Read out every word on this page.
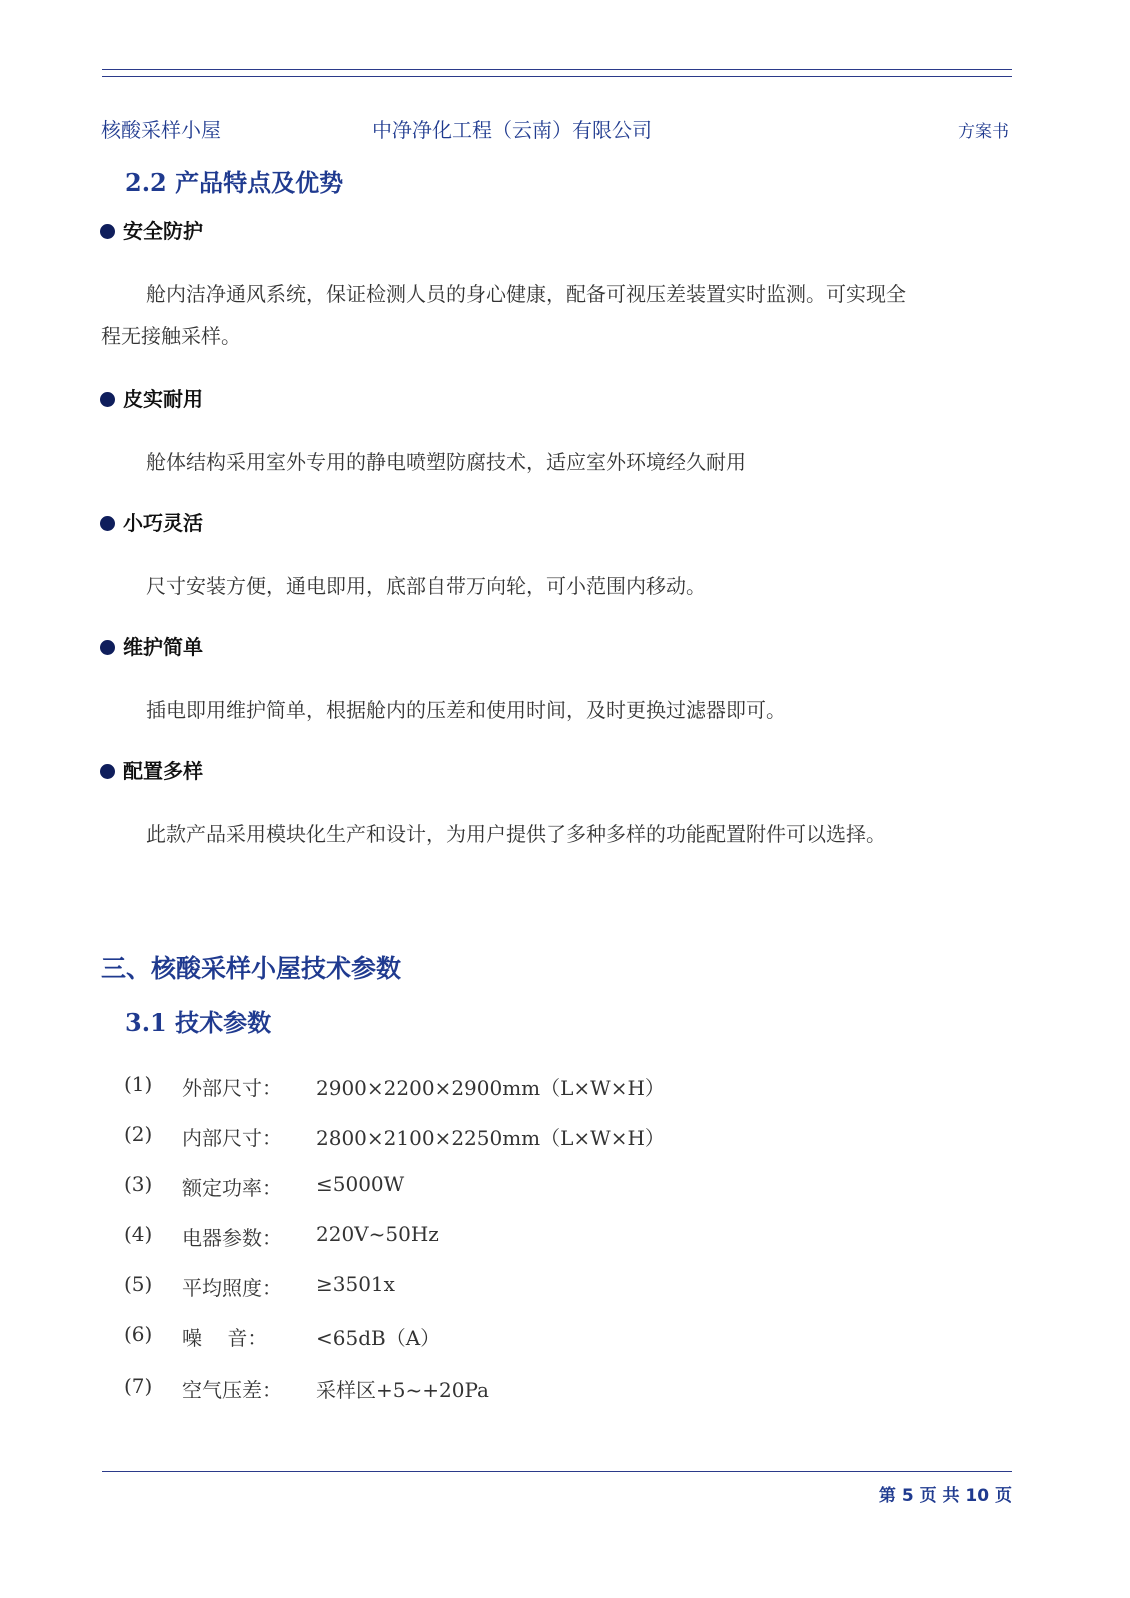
核酸采样小屋	中净净化工程（云南）有限公司	方案书
2.2 产品特点及优势
安全防护
舱内洁净通风系统，保证检测人员的身心健康，配备可视压差装置实时监测。可实现全
程无接触采样。
皮实耐用
舱体结构采用室外专用的静电喷塑防腐技术，适应室外环境经久耐用
小巧灵活
尺寸安装方便，通电即用，底部自带万向轮，可小范围内移动。
维护简单
插电即用维护简单，根据舱内的压差和使用时间，及时更换过滤器即可。
配置多样
此款产品采用模块化生产和设计，为用户提供了多种多样的功能配置附件可以选择。
三、核酸采样小屋技术参数
3.1 技术参数
(1) 外部尺寸： 2900×2200×2900mm（L×W×H）
(2) 内部尺寸： 2800×2100×2250mm（L×W×H）
(3) 额定功率： ≤5000W
(4) 电器参数： 220V~50Hz
(5) 平均照度： ≥3501x
(6) 噪    音： <65dB（A）
(7) 空气压差： 采样区+5~+20Pa
第 5 页 共 10 页
